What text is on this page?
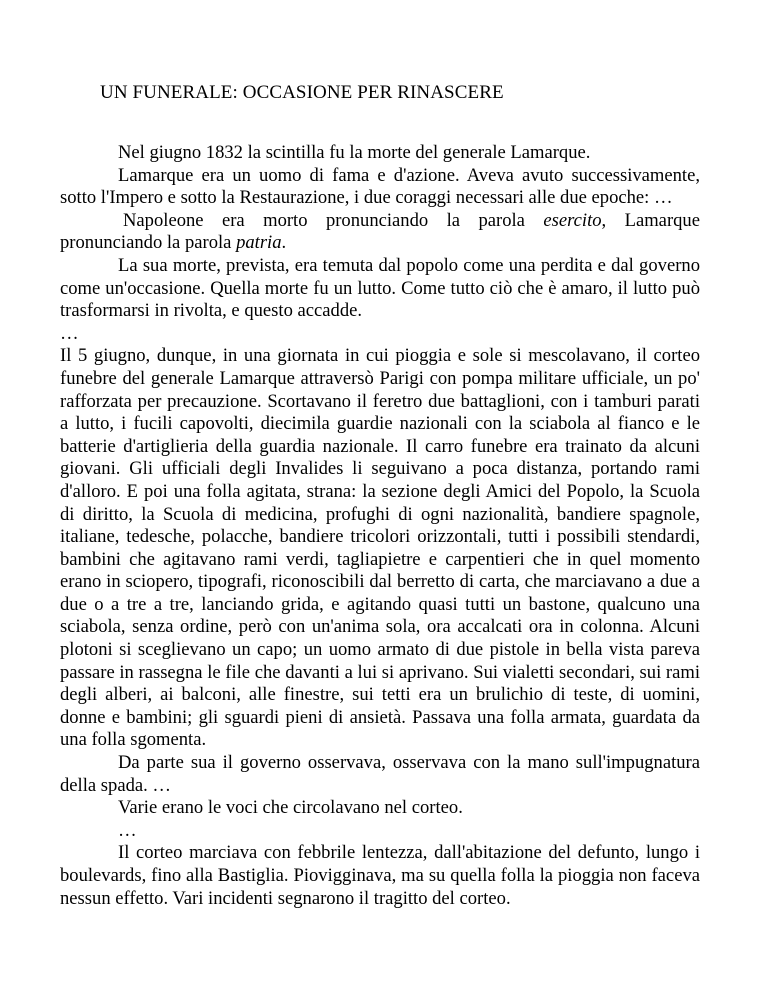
UN FUNERALE: OCCASIONE PER RINASCERE

Nel giugno 1832 la scintilla fu la morte del generale Lamarque.

Lamarque era un uomo di fama e d'azione. Aveva avuto successivamente, sotto l'Impero e sotto la Restaurazione, i due coraggi necessari alle due epoche: …

Napoleone era morto pronunciando la parola esercito, Lamarque pronunciando la parola patria.

La sua morte, prevista, era temuta dal popolo come una perdita e dal governo come un'occasione. Quella morte fu un lutto. Come tutto ciò che è amaro, il lutto può trasformarsi in rivolta, e questo accadde.

…

Il 5 giugno, dunque, in una giornata in cui pioggia e sole si mescolavano, il corteo funebre del generale Lamarque attraversò Parigi con pompa militare ufficiale, un po' rafforzata per precauzione. Scortavano il feretro due battaglioni, con i tamburi parati a lutto, i fucili capovolti, diecimila guardie nazionali con la sciabola al fianco e le batterie d'artiglieria della guardia nazionale. Il carro funebre era trainato da alcuni giovani. Gli ufficiali degli Invalides li seguivano a poca distanza, portando rami d'alloro. E poi una folla agitata, strana: la sezione degli Amici del Popolo, la Scuola di diritto, la Scuola di medicina, profughi di ogni nazionalità, bandiere spagnole, italiane, tedesche, polacche, bandiere tricolori orizzontali, tutti i possibili stendardi, bambini che agitavano rami verdi, tagliapietre e carpentieri che in quel momento erano in sciopero, tipografi, riconoscibili dal berretto di carta, che marciavano a due a due o a tre a tre, lanciando grida, e agitando quasi tutti un bastone, qualcuno una sciabola, senza ordine, però con un'anima sola, ora accalcati ora in colonna. Alcuni plotoni si sceglievano un capo; un uomo armato di due pistole in bella vista pareva passare in rassegna le file che davanti a lui si aprivano. Sui vialetti secondari, sui rami degli alberi, ai balconi, alle finestre, sui tetti era un brulichio di teste, di uomini, donne e bambini; gli sguardi pieni di ansietà. Passava una folla armata, guardata da una folla sgomenta.

Da parte sua il governo osservava, osservava con la mano sull'impugnatura della spada. …

Varie erano le voci che circolavano nel corteo.

…

Il corteo marciava con febbrile lentezza, dall'abitazione del defunto, lungo i boulevards, fino alla Bastiglia. Piovigginava, ma su quella folla la pioggia non faceva nessun effetto. Vari incidenti segnarono il tragitto del corteo.
